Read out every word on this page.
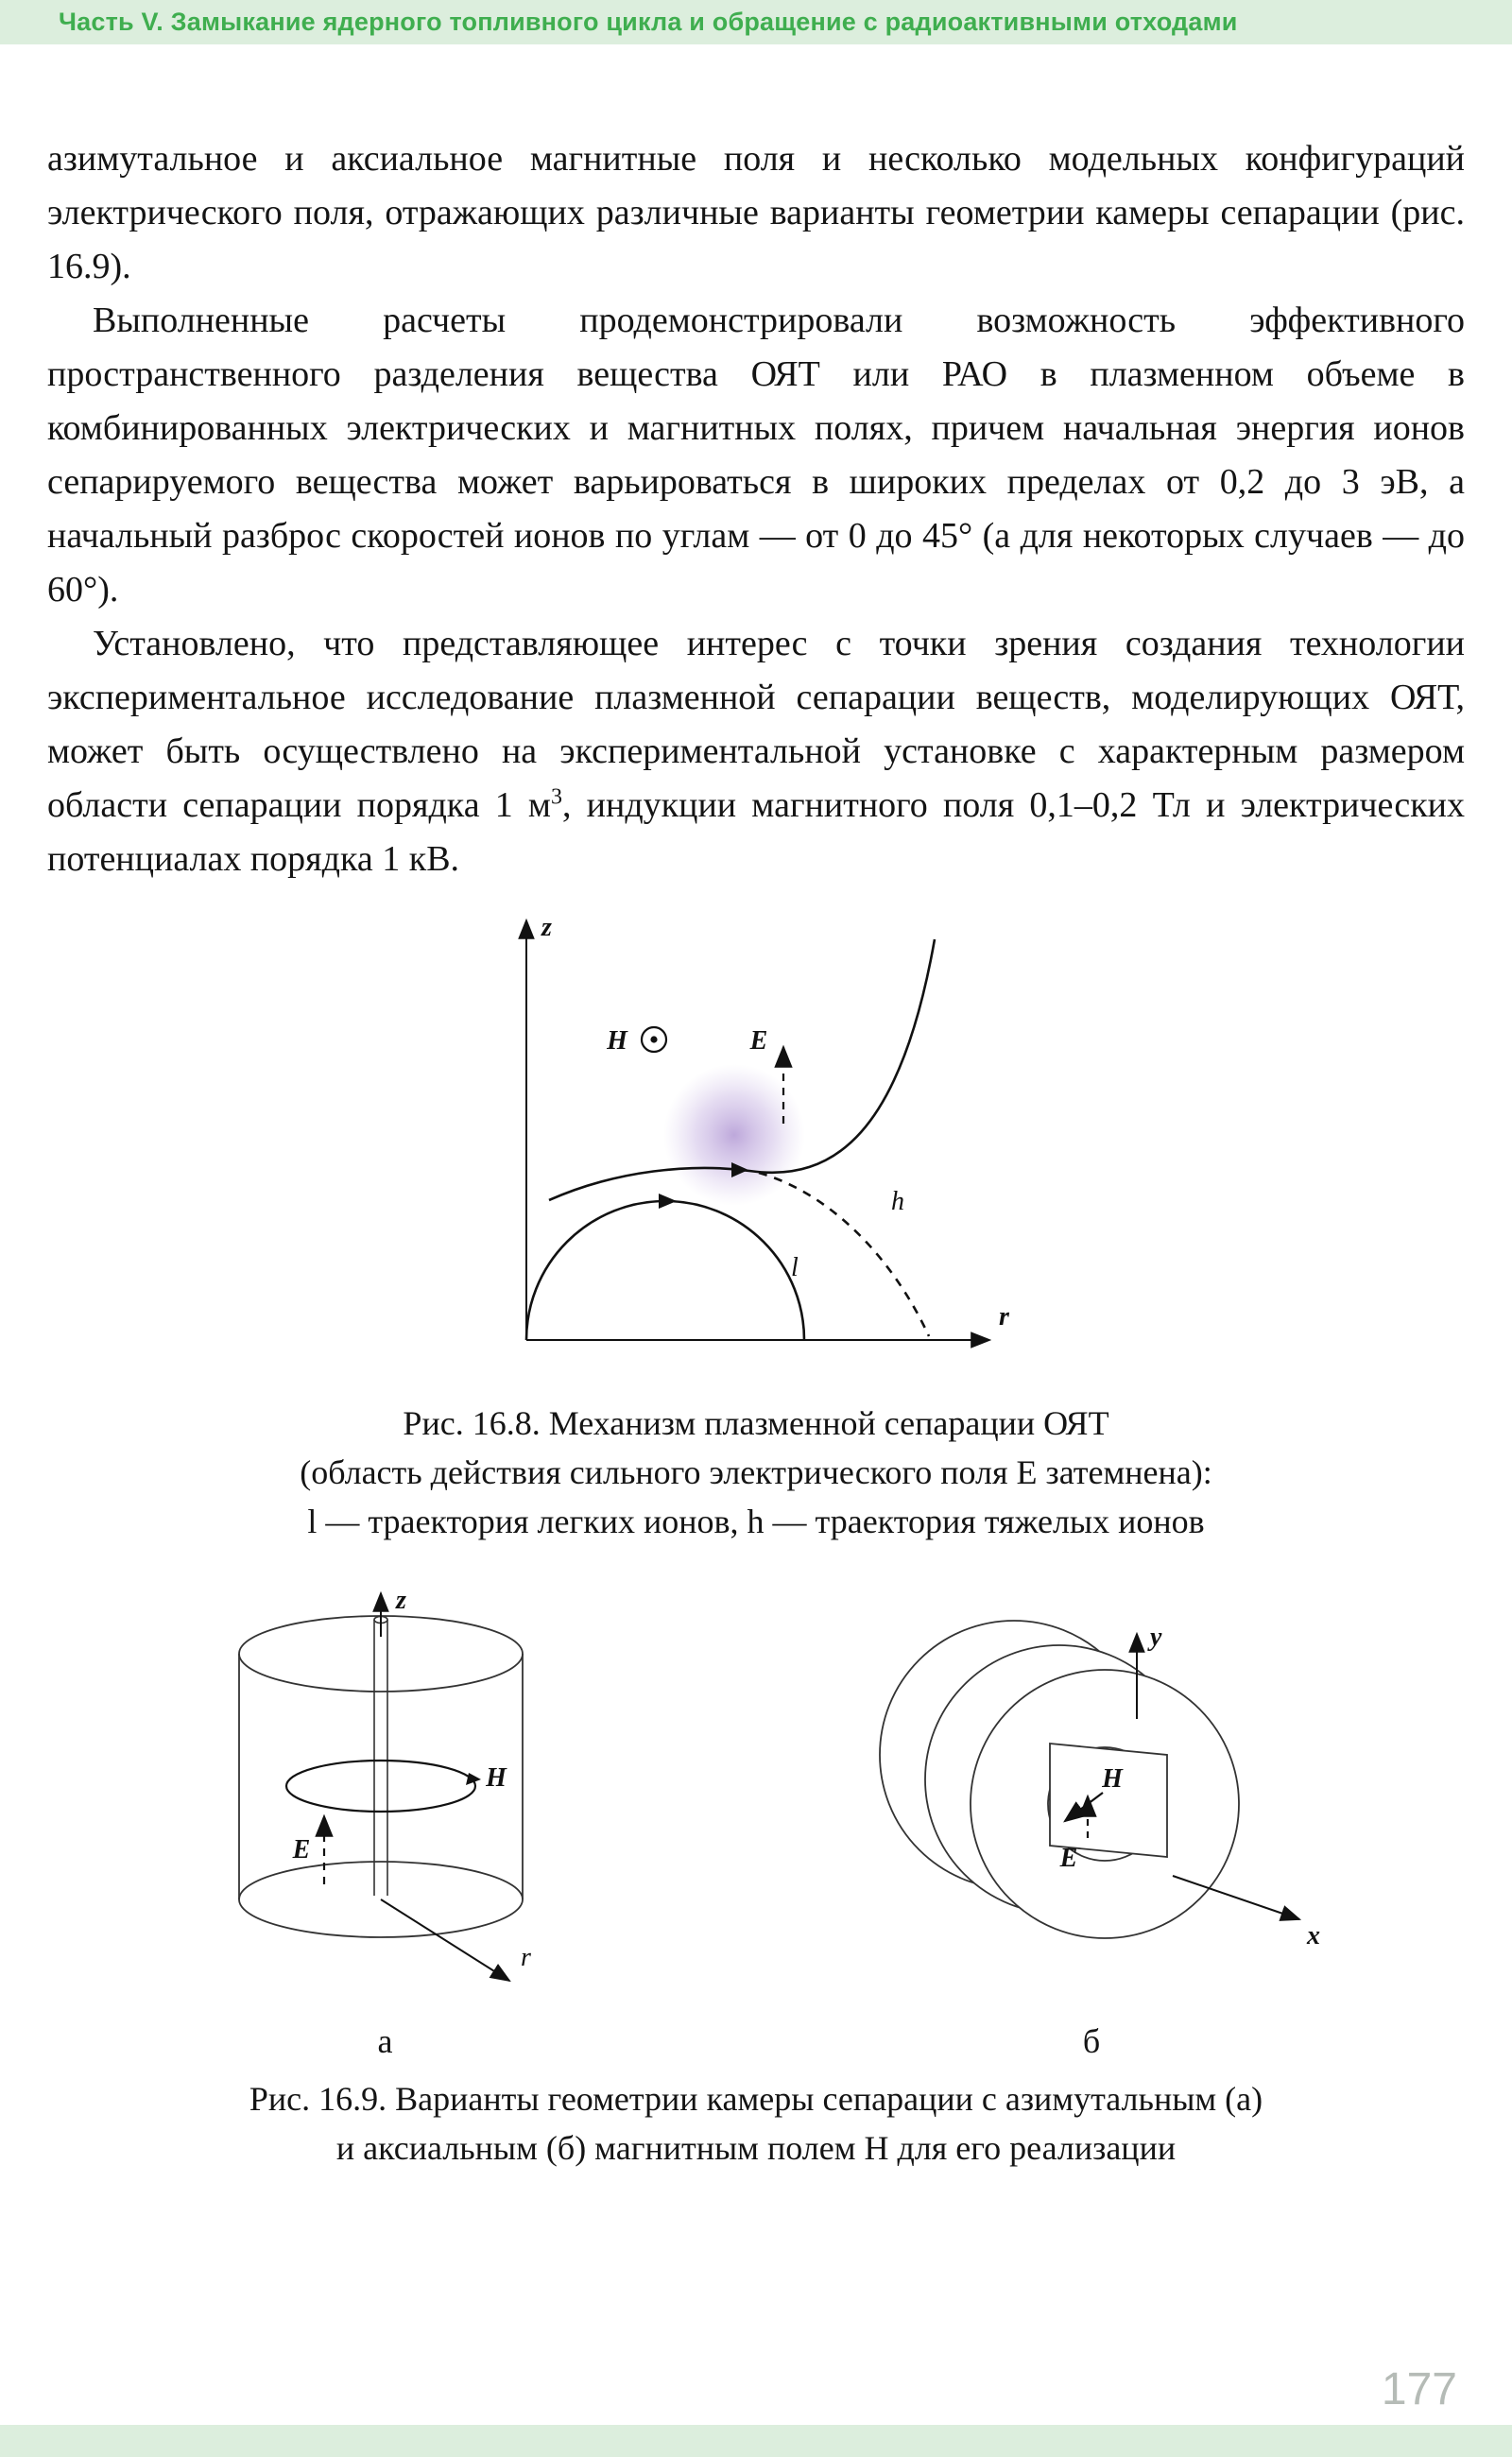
Часть V. Замыкание ядерного топливного цикла и обращение с радиоактивными отходами

азимутальное и аксиальное магнитные поля и несколько модельных конфигураций электрического поля, отражающих различные варианты геометрии камеры сепарации (рис. 16.9).

Выполненные расчеты продемонстрировали возможность эффективного пространственного разделения вещества ОЯТ или РАО в плазменном объеме в комбинированных электрических и магнитных полях, причем начальная энергия ионов сепарируемого вещества может варьироваться в широких пределах от 0,2 до 3 эВ, а начальный разброс скоростей ионов по углам — от 0 до 45° (а для некоторых случаев — до 60°).

Установлено, что представляющее интерес с точки зрения создания технологии экспериментальное исследование плазменной сепарации веществ, моделирующих ОЯТ, может быть осуществлено на экспериментальной установке с характерным размером области сепарации порядка 1 $м^3$, индукции магнитного поля 0,1–0,2 Тл и электрических потенциалах порядка 1 кВ.

z
r
H	E
l
h
Рис. 16.8. Механизм плазменной сепарации ОЯТ
(область действия сильного электрического поля E затемнена):
l — траектория легких ионов, h — траектория тяжелых ионов
z
H
E
r
а
y
x
H
E
б
Рис. 16.9. Варианты геометрии камеры сепарации с азимутальным (а)
и аксиальным (б) магнитным полем H для его реализации
177
